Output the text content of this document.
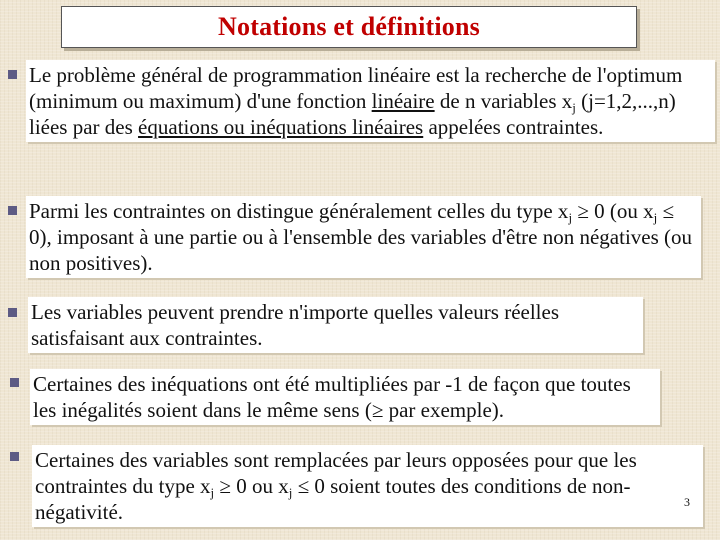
Notations et définitions
Le problème général de programmation linéaire est la recherche de l'optimum (minimum ou maximum) d'une fonction linéaire de n variables $x_j$ (j=1,2,...,n) liées par des équations ou inéquations linéaires appelées contraintes.
Parmi les contraintes on distingue généralement celles du type $x_j \ge 0$ (ou $x_j \le 0$), imposant à une partie ou à l'ensemble des variables d'être non négatives (ou non positives).
Les variables peuvent prendre n'importe quelles valeurs réelles satisfaisant aux contraintes.
Certaines des inéquations ont été multipliées par -1 de façon que toutes les inégalités soient dans le même sens (≥ par exemple).
Certaines des variables sont remplacées par leurs opposées pour que les contraintes du type $x_j \ge 0$ ou $x_j \le 0$ soient toutes des conditions de non-négativité.	3
